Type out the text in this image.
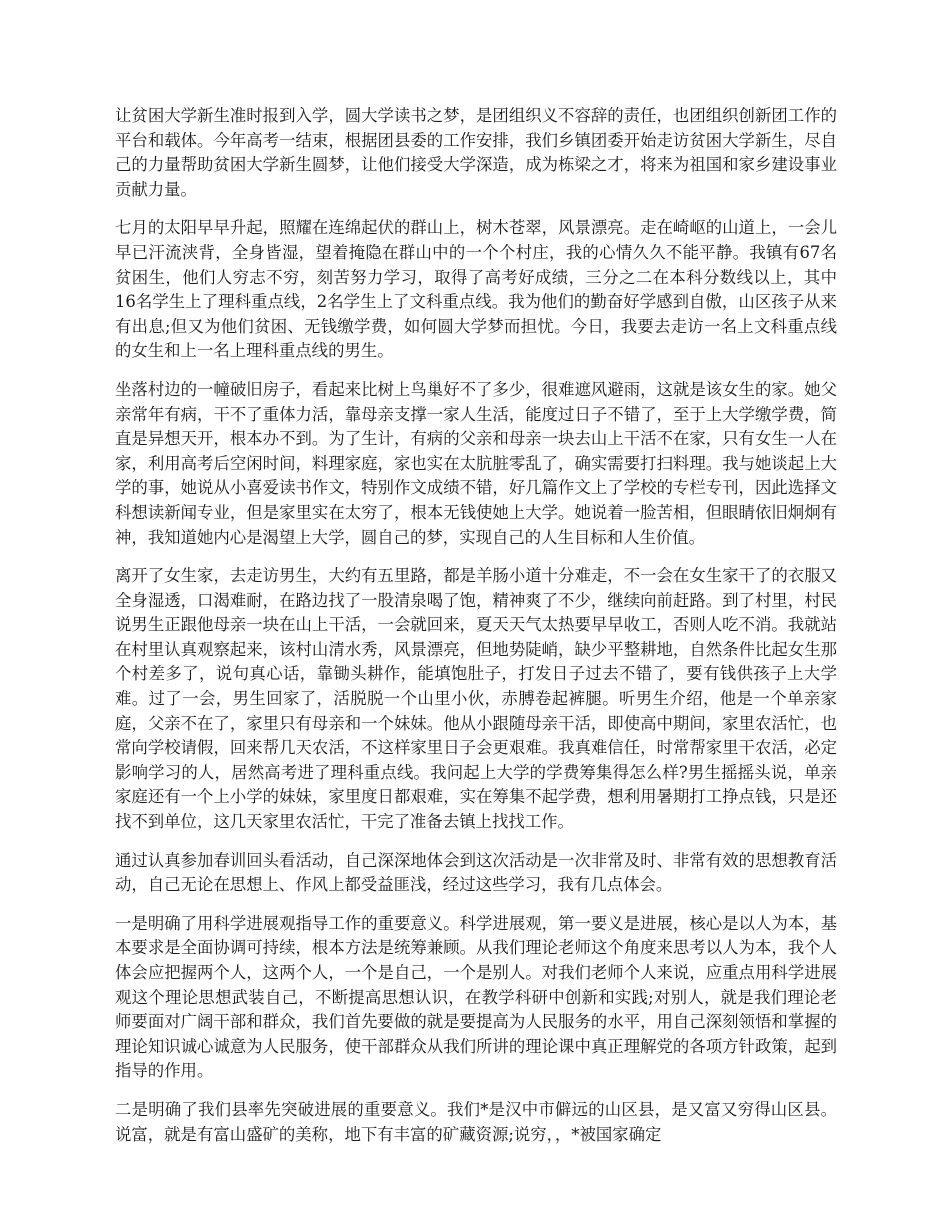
让贫困大学新生准时报到入学，圆大学读书之梦，是团组织义不容辞的责任，也团组织创新团工作的平台和载体。今年高考一结束，根据团县委的工作安排，我们乡镇团委开始走访贫困大学新生，尽自己的力量帮助贫困大学新生圆梦，让他们接受大学深造，成为栋梁之才，将来为祖国和家乡建设事业贡献力量。

七月的太阳早早升起，照耀在连绵起伏的群山上，树木苍翠，风景漂亮。走在崎岖的山道上，一会儿早已汗流浃背，全身皆湿，望着掩隐在群山中的一个个村庄，我的心情久久不能平静。我镇有67名贫困生，他们人穷志不穷，刻苦努力学习，取得了高考好成绩，三分之二在本科分数线以上，其中16名学生上了理科重点线，2名学生上了文科重点线。我为他们的勤奋好学感到自傲，山区孩子从来有出息;但又为他们贫困、无钱缴学费，如何圆大学梦而担忧。今日，我要去走访一名上文科重点线的女生和上一名上理科重点线的男生。

坐落村边的一幢破旧房子，看起来比树上鸟巢好不了多少，很难遮风避雨，这就是该女生的家。她父亲常年有病，干不了重体力活，靠母亲支撑一家人生活，能度过日子不错了，至于上大学缴学费，简直是异想天开，根本办不到。为了生计，有病的父亲和母亲一块去山上干活不在家，只有女生一人在家，利用高考后空闲时间，料理家庭，家也实在太肮脏零乱了，确实需要打扫料理。我与她谈起上大学的事，她说从小喜爱读书作文，特别作文成绩不错，好几篇作文上了学校的专栏专刊，因此选择文科想读新闻专业，但是家里实在太穷了，根本无钱使她上大学。她说着一脸苦相，但眼睛依旧炯炯有神，我知道她内心是渴望上大学，圆自己的梦，实现自己的人生目标和人生价值。

离开了女生家，去走访男生，大约有五里路，都是羊肠小道十分难走，不一会在女生家干了的衣服又全身湿透，口渴难耐，在路边找了一股清泉喝了饱，精神爽了不少，继续向前赶路。到了村里，村民说男生正跟他母亲一块在山上干活，一会就回来，夏天天气太热要早早收工，否则人吃不消。我就站在村里认真观察起来，该村山清水秀，风景漂亮，但地势陡峭，缺少平整耕地，自然条件比起女生那个村差多了，说句真心话，靠锄头耕作，能填饱肚子，打发日子过去不错了，要有钱供孩子上大学难。过了一会，男生回家了，活脱脱一个山里小伙，赤膊卷起裤腿。听男生介绍，他是一个单亲家庭，父亲不在了，家里只有母亲和一个妹妹。他从小跟随母亲干活，即使高中期间，家里农活忙，也常向学校请假，回来帮几天农活，不这样家里日子会更艰难。我真难信任，时常帮家里干农活，必定影响学习的人，居然高考进了理科重点线。我问起上大学的学费筹集得怎么样?男生摇摇头说，单亲家庭还有一个上小学的妹妹，家里度日都艰难，实在筹集不起学费，想利用暑期打工挣点钱，只是还找不到单位，这几天家里农活忙，干完了准备去镇上找找工作。

通过认真参加春训回头看活动，自己深深地体会到这次活动是一次非常及时、非常有效的思想教育活动，自己无论在思想上、作风上都受益匪浅，经过这些学习，我有几点体会。

一是明确了用科学进展观指导工作的重要意义。科学进展观，第一要义是进展，核心是以人为本，基本要求是全面协调可持续，根本方法是统筹兼顾。从我们理论老师这个角度来思考以人为本，我个人体会应把握两个人，这两个人，一个是自己，一个是别人。对我们老师个人来说，应重点用科学进展观这个理论思想武装自己，不断提高思想认识，在教学科研中创新和实践;对别人，就是我们理论老师要面对广阔干部和群众，我们首先要做的就是要提高为人民服务的水平，用自己深刻领悟和掌握的理论知识诚心诚意为人民服务，使干部群众从我们所讲的理论课中真正理解党的各项方针政策，起到指导的作用。

二是明确了我们县率先突破进展的重要意义。我们*是汉中市僻远的山区县，是又富又穷得山区县。说富，就是有富山盛矿的美称，地下有丰富的矿藏资源;说穷，，*被国家确定
